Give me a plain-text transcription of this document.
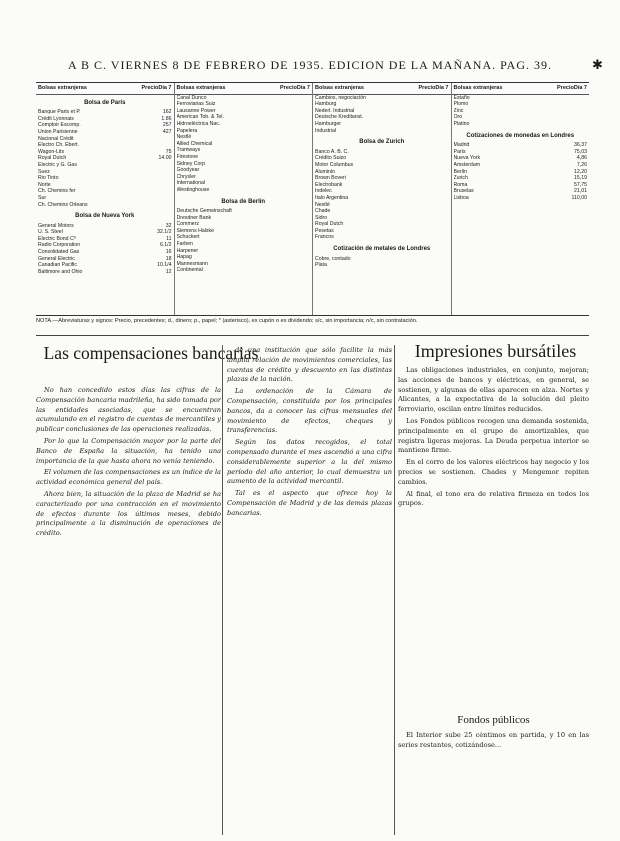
A B C. VIERNES 8 DE FEBRERO DE 1935. EDICION DE LA MAÑANA. PAG. 39.	✱
Bolsas extranjeras	Precio Día 7
Bolsa de París
Banque Paris et P.	162
Crédit Lyonnais	1.86
Comptoir Escomp.	257
Union Parisienne	427
Nacional Crédit
Electro Ch. Ebert.
Wagon-Lits	75
Royal Dutch	14.00
Electric y G. Gas
Suez
Rio Tinto
Norte
Ch. Chemins fer
Sur
Ch. Chemins Orleans
Bolsa de Nueva York
General Motors	32
U. S. Steel	32.1/2
Electric Bond Cº	11
Radio Corporation	6.1/2
Consolidated Gas	16
General Electric	18
Canadian Pacific	10.1/4
Baltimore and Ohio	12
Bolsas extranjeras	Precio Día 7
Canal Dunco
Ferroviarias Suiz
Lausanne Power
American Tob. & Tel.
Hidroeléctrica Nac.
Papelera
Nestlé
Allied Chemical
Tramways
Firestone
Sidney Corp
Goodyear
Chrysler
International
Westinghouse
Bolsa de Berlín
Deutsche Gemeinschaft
Dresdner Bank
Commerz
Siemens Halske
Schuckert
Farben
Harpener
Hapag
Mannesmann
Continental
Bolsas extranjeras	Precio Día 7
Cambios, negociación
Hamburg
Nederl. Industrial
Deutsche Kreditanst.
Hamburger
Industrial
Bolsa de Zurich
Banco A. B. C.
Crédito Suizo
Motor Columbus
Aluminio
Brown Boveri
Electrobank
Indelec
Italo Argentina
Nestlé
Chade
Sidro
Royal Dutch
Pesetas
Francos
Cotización de metales de Londres
Cobre, contado
Plata
Bolsas extranjeras	Precio Día 7
Estaño
Plomo
Zinc
Oro
Platino
Cotizaciones de monedas en Londres
Madrid	36,37
París	75,03
Nueva York	4,86
Amsterdam	7,26
Berlín	12,20
Zurich	15,19
Roma	57,75
Bruselas	21,01
Lisboa	110,00
NOTA.—Abreviaturas y signos: Precio, precedentes; d., dinero; p., papel; * (asterisco), ex cupón o ex dividendo; s/c, sin importancia; n/c, sin contratación.
Las compensaciones bancarias

No han concedido estos días las cifras de la Compensación bancaria madrileña, ha sido tomada por las entidades asociadas, que se encuentran acumulando en el registro de cuentas de mercantiles y publicar conclusiones de las operaciones realizadas.

Por lo que la Compensación mayor por la parte del Banco de España la situación, ha tenido una importancia de la que hasta ahora no venía teniendo.

El volumen de las compensaciones es un índice de la actividad económica general del país.

Ahora bien, la situación de la plaza de Madrid se ha caracterizado por una contracción en el movimiento de efectos durante los últimos meses, debido principalmente a la disminución de operaciones de crédito.

de una institución que sólo facilite la más amplia relación de movimientos comerciales, las cuentas de crédito y descuento en las distintas plazas de la nación.

La ordenación de la Cámara de Compensación, constituida por los principales bancos, da a conocer las cifras mensuales del movimiento de efectos, cheques y transferencias.

Según los datos recogidos, el total compensado durante el mes ascendió a una cifra considerablemente superior a la del mismo período del año anterior, lo cual demuestra un aumento de la actividad mercantil.

Tal es el aspecto que ofrece hoy la Compensación de Madrid y de las demás plazas bancarias.

Impresiones bursátiles

Las obligaciones industriales, en conjunto, mejoran; las acciones de bancos y eléctricas, en general, se sostienen, y algunas de ellas aparecen en alza. Nortes y Alicantes, a la expectativa de la solución del pleito ferroviario, oscilan entre límites reducidos.

Los Fondos públicos recogen una demanda sostenida, principalmente en el grupo de amortizables, que registra ligeras mejoras. La Deuda perpetua interior se mantiene firme.

En el corro de los valores eléctricos hay negocio y los precios se sostienen. Chades y Mengemor repiten cambios.

Al final, el tono era de relativa firmeza en todos los grupos.

Fondos públicos

El Interior sube 25 céntimos en partida, y 10 en las series restantes, cotizándose...
